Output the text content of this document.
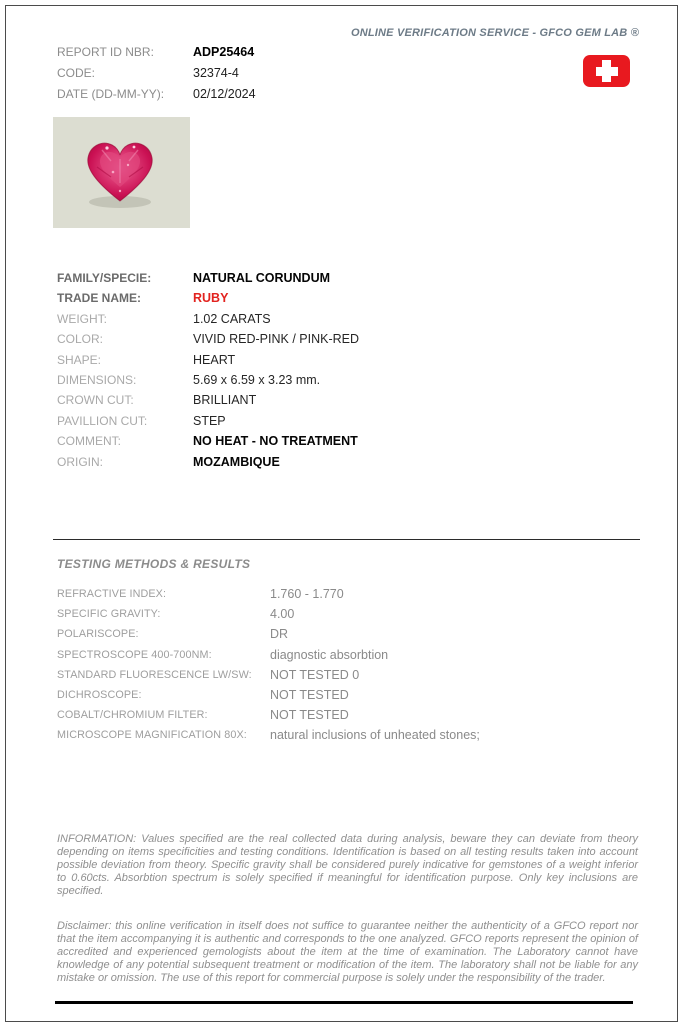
ONLINE VERIFICATION SERVICE - GFCO GEM LAB ®
REPORT ID NBR:	ADP25464
CODE:	32374-4
DATE (DD-MM-YY):	02/12/2024
FAMILY/SPECIE:	NATURAL CORUNDUM
TRADE NAME:	RUBY
WEIGHT:	1.02 CARATS
COLOR:	VIVID RED-PINK / PINK-RED
SHAPE:	HEART
DIMENSIONS:	5.69 x 6.59 x 3.23 mm.
CROWN CUT:	BRILLIANT
PAVILLION CUT:	STEP
COMMENT:	NO HEAT - NO TREATMENT
ORIGIN:	MOZAMBIQUE
TESTING METHODS & RESULTS
REFRACTIVE INDEX:	1.760 - 1.770
SPECIFIC GRAVITY:	4.00
POLARISCOPE:	DR
SPECTROSCOPE 400-700NM:	diagnostic absorbtion
STANDARD FLUORESCENCE LW/SW:	NOT TESTED 0
DICHROSCOPE:	NOT TESTED
COBALT/CHROMIUM FILTER:	NOT TESTED
MICROSCOPE MAGNIFICATION 80X:	natural inclusions of unheated stones;

INFORMATION: Values specified are the real collected data during analysis, beware they can deviate from theory depending on items specificities and testing conditions. Identification is based on all testing results taken into account possible deviation from theory. Specific gravity shall be considered purely indicative for gemstones of a weight inferior to 0.60cts. Absorbtion spectrum is solely specified if meaningful for identification purpose. Only key inclusions are specified.

Disclaimer: this online verification in itself does not suffice to guarantee neither the authenticity of a GFCO report nor that the item accompanying it is authentic and corresponds to the one analyzed. GFCO reports represent the opinion of accredited and experienced gemologists about the item at the time of examination. The Laboratory cannot have knowledge of any potential subsequent treatment or modification of the item. The laboratory shall not be liable for any mistake or omission. The use of this report for commercial purpose is solely under the responsibility of the trader.
